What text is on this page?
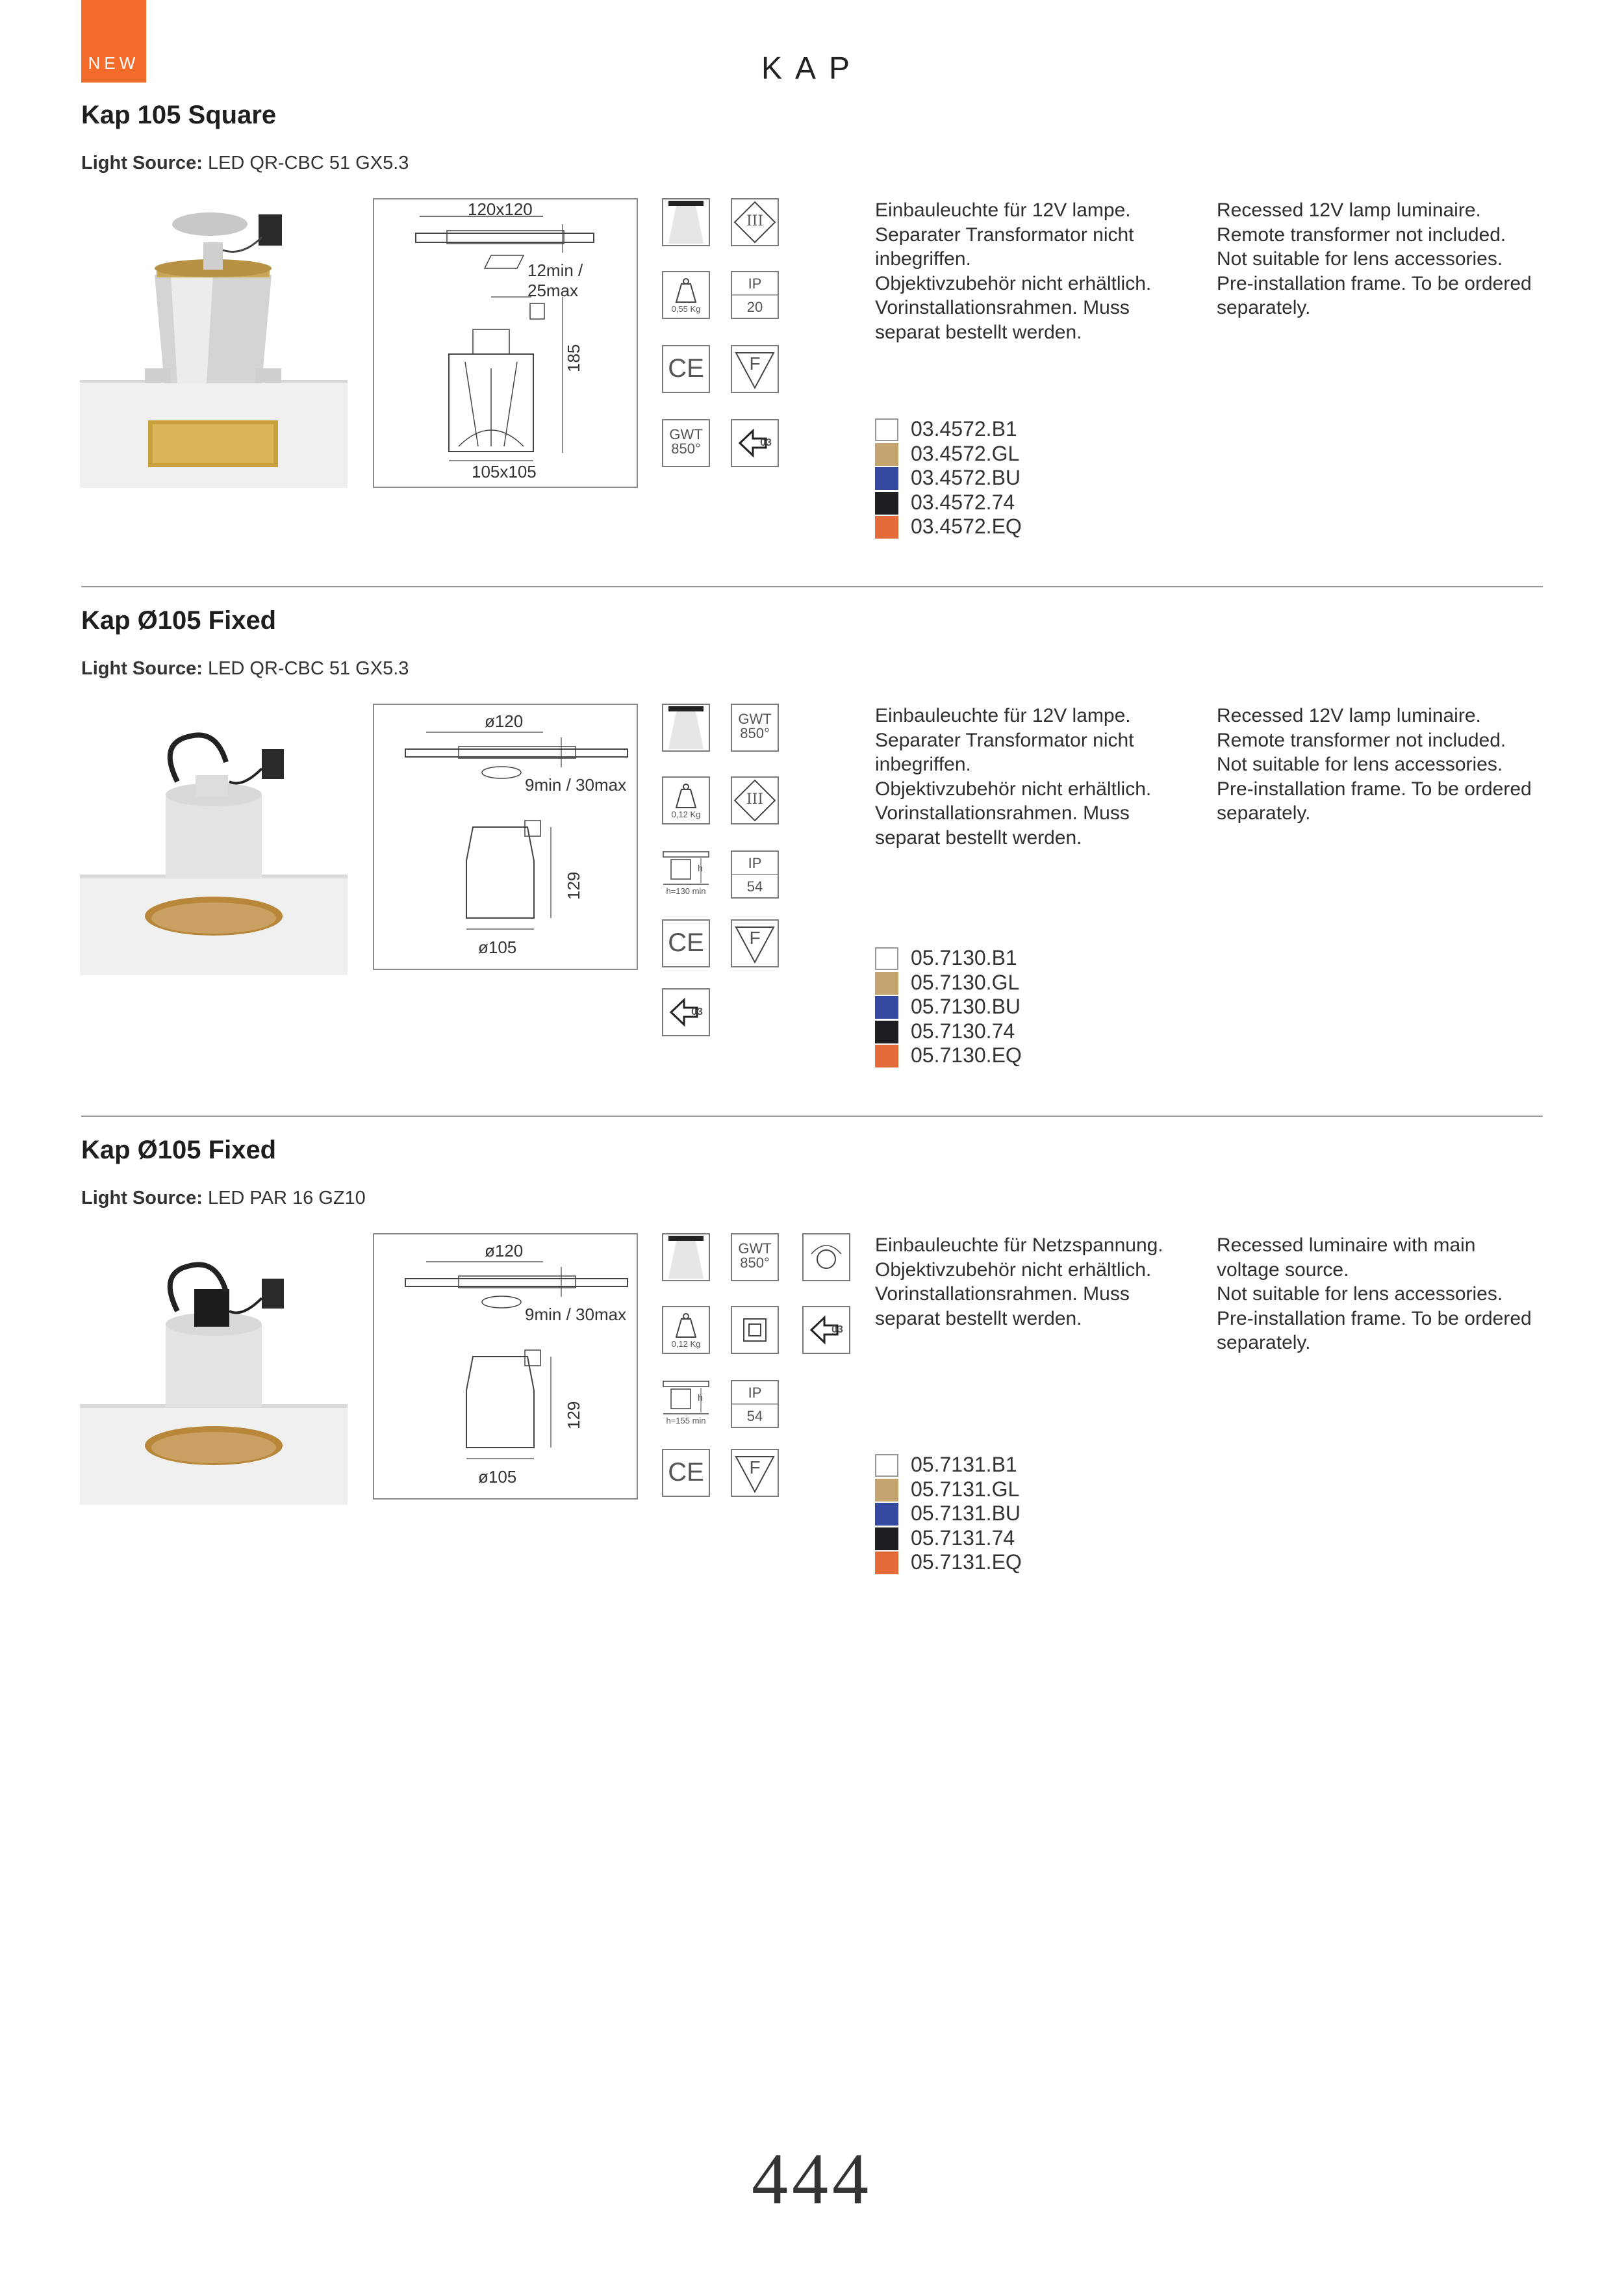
NEW	KAP
Kap 105 Square
Light Source: LED QR-CBC 51 GX5.3
120x120
12min / 25max
185
105x105
III
0,55 Kg
IP
20
CE	F
GWT
850°	03
Einbauleuchte für 12V lampe.
Separater Transformator nicht
inbegriffen.
Objektivzubehör nicht erhältlich.
Vorinstallationsrahmen. Muss
separat bestellt werden.
Recessed 12V lamp luminaire.
Remote transformer not included.
Not suitable for lens accessories.
Pre-installation frame. To be ordered
separately.
03.4572.B1
03.4572.GL
03.4572.BU
03.4572.74
03.4572.EQ
Kap Ø105 Fixed
Light Source: LED QR-CBC 51 GX5.3
ø120
9min / 30max
129
ø105
GWT
850°
0,12 Kg
III
h
h=130 min
IP
54
CE	F
03
Einbauleuchte für 12V lampe.
Separater Transformator nicht
inbegriffen.
Objektivzubehör nicht erhältlich.
Vorinstallationsrahmen. Muss
separat bestellt werden.
Recessed 12V lamp luminaire.
Remote transformer not included.
Not suitable for lens accessories.
Pre-installation frame. To be ordered
separately.
05.7130.B1
05.7130.GL
05.7130.BU
05.7130.74
05.7130.EQ
Kap Ø105 Fixed
Light Source: LED PAR 16 GZ10
ø120
9min / 30max
129
ø105
GWT
850°
0,12 Kg
03
h
h=155 min
IP
54
CE	F
Einbauleuchte für Netzspannung.
Objektivzubehör nicht erhältlich.
Vorinstallationsrahmen. Muss
separat bestellt werden.
Recessed luminaire with main
voltage source.
Not suitable for lens accessories.
Pre-installation frame. To be ordered
separately.
05.7131.B1
05.7131.GL
05.7131.BU
05.7131.74
05.7131.EQ
444
